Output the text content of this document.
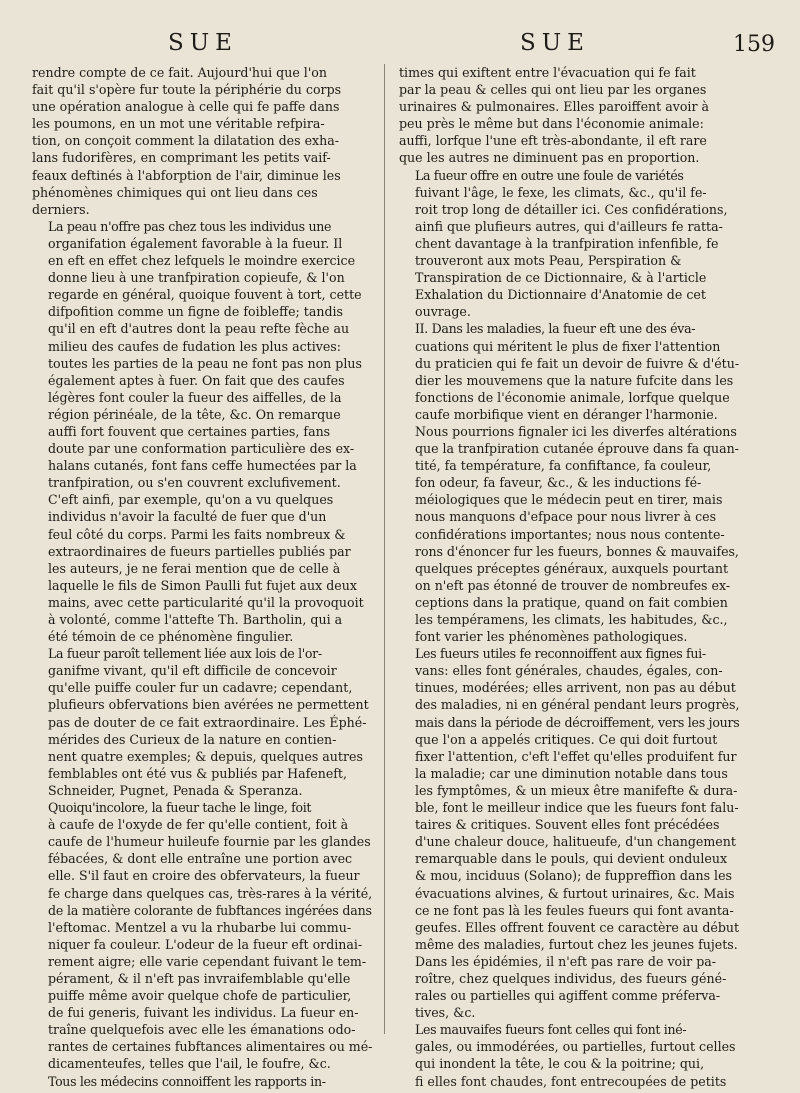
SUE	SUE	159

rendre compte de ce fait. Aujourd'hui que l'on
fait qu'il s'opère fur toute la périphérie du corps
une opération analogue à celle qui fe paffe dans
les poumons, en un mot une véritable refpira-
tion, on conçoit comment la dilatation des exha-
lans fudorifères, en comprimant les petits vaif-
feaux deftinés à l'abforption de l'air, diminue les
phénomènes chimiques qui ont lieu dans ces
derniers.

La peau n'offre pas chez tous les individus une
organifation également favorable à la fueur. Il
en eft en effet chez lefquels le moindre exercice
donne lieu à une tranfpiration copieufe, & l'on
regarde en général, quoique fouvent à tort, cette
difpofition comme un figne de foibleffe; tandis
qu'il en eft d'autres dont la peau refte fèche au
milieu des caufes de fudation les plus actives:
toutes les parties de la peau ne font pas non plus
également aptes à fuer. On fait que des caufes
légères font couler la fueur des aiffelles, de la
région périnéale, de la tête, &c. On remarque
auffi fort fouvent que certaines parties, fans
doute par une conformation particulière des ex-
halans cutanés, font fans ceffe humectées par la
tranfpiration, ou s'en couvrent exclufivement.
C'eft ainfi, par exemple, qu'on a vu quelques
individus n'avoir la faculté de fuer que d'un
feul côté du corps. Parmi les faits nombreux &
extraordinaires de fueurs partielles publiés par
les auteurs, je ne ferai mention que de celle à
laquelle le fils de Simon Paulli fut fujet aux deux
mains, avec cette particularité qu'il la provoquoit
à volonté, comme l'attefte Th. Bartholin, qui a
été témoin de ce phénomène fingulier.

La fueur paroît tellement liée aux lois de l'or-
ganifme vivant, qu'il eft difficile de concevoir
qu'elle puiffe couler fur un cadavre; cependant,
plufieurs obfervations bien avérées ne permettent
pas de douter de ce fait extraordinaire. Les Éphé-
mérides des Curieux de la nature en contien-
nent quatre exemples; & depuis, quelques autres
femblables ont été vus & publiés par Hafeneft,
Schneider, Pugnet, Penada & Speranza.

Quoiqu'incolore, la fueur tache le linge, foit
à caufe de l'oxyde de fer qu'elle contient, foit à
caufe de l'humeur huileufe fournie par les glandes
fébacées, & dont elle entraîne une portion avec
elle. S'il faut en croire des obfervateurs, la fueur
fe charge dans quelques cas, très-rares à la vérité,
de la matière colorante de fubftances ingérées dans
l'eftomac. Mentzel a vu la rhubarbe lui commu-
niquer fa couleur. L'odeur de la fueur eft ordinai-
rement aigre; elle varie cependant fuivant le tem-
pérament, & il n'eft pas invraifemblable qu'elle
puiffe même avoir quelque chofe de particulier,
de fui generis, fuivant les individus. La fueur en-
traîne quelquefois avec elle les émanations odo-
rantes de certaines fubftances alimentaires ou mé-
dicamenteufes, telles que l'ail, le foufre, &c.

Tous les médecins connoiffent les rapports in-

times qui exiftent entre l'évacuation qui fe fait
par la peau & celles qui ont lieu par les organes
urinaires & pulmonaires. Elles paroiffent avoir à
peu près le même but dans l'économie animale:
auffi, lorfque l'une eft très-abondante, il eft rare
que les autres ne diminuent pas en proportion.

La fueur offre en outre une foule de variétés
fuivant l'âge, le fexe, les climats, &c., qu'il fe-
roit trop long de détailler ici. Ces confidérations,
ainfi que plufieurs autres, qui d'ailleurs fe ratta-
chent davantage à la tranfpiration infenfible, fe
trouveront aux mots Peau, Perspiration &
Transpiration de ce Dictionnaire, & à l'article
Exhalation du Dictionnaire d'Anatomie de cet
ouvrage.

II. Dans les maladies, la fueur eft une des éva-
cuations qui méritent le plus de fixer l'attention
du praticien qui fe fait un devoir de fuivre & d'étu-
dier les mouvemens que la nature fufcite dans les
fonctions de l'économie animale, lorfque quelque
caufe morbifique vient en déranger l'harmonie.
Nous pourrions fignaler ici les diverfes altérations
que la tranfpiration cutanée éprouve dans fa quan-
tité, fa température, fa confiftance, fa couleur,
fon odeur, fa faveur, &c., & les inductions fé-
méiologiques que le médecin peut en tirer, mais
nous manquons d'efpace pour nous livrer à ces
confidérations importantes; nous nous contente-
rons d'énoncer fur les fueurs, bonnes & mauvaifes,
quelques préceptes généraux, auxquels pourtant
on n'eft pas étonné de trouver de nombreufes ex-
ceptions dans la pratique, quand on fait combien
les tempéramens, les climats, les habitudes, &c.,
font varier les phénomènes pathologiques.

Les fueurs utiles fe reconnoiffent aux fignes fui-
vans: elles font générales, chaudes, égales, con-
tinues, modérées; elles arrivent, non pas au début
des maladies, ni en général pendant leurs progrès,
mais dans la période de décroiffement, vers les jours
que l'on a appelés critiques. Ce qui doit furtout
fixer l'attention, c'eft l'effet qu'elles produifent fur
la maladie; car une diminution notable dans tous
les fymptômes, & un mieux être manifefte & dura-
ble, font le meilleur indice que les fueurs font falu-
taires & critiques. Souvent elles font précédées
d'une chaleur douce, halitueufe, d'un changement
remarquable dans le pouls, qui devient onduleux
& mou, inciduus (Solano); de fuppreffion dans les
évacuations alvines, & furtout urinaires, &c. Mais
ce ne font pas là les feules fueurs qui font avanta-
geufes. Elles offrent fouvent ce caractère au début
même des maladies, furtout chez les jeunes fujets.
Dans les épidémies, il n'eft pas rare de voir pa-
roître, chez quelques individus, des fueurs géné-
rales ou partielles qui agiffent comme préferva-
tives, &c.

Les mauvaifes fueurs font celles qui font iné-
gales, ou immodérées, ou partielles, furtout celles
qui inondent la tête, le cou & la poitrine; qui,
fi elles font chaudes, font entrecoupées de petits
